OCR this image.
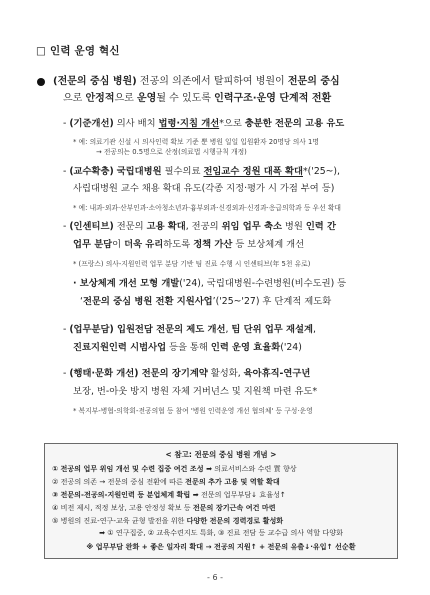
□ 인력 운영 혁신
(전문의 중심 병원) 전공의 의존에서 탈피하여 병원이 전문의 중심
으로 안정적으로 운영될 수 있도록 인력구조·운영 단계적 전환
- (기준개선) 의사 배치 법령·지침 개선*으로 충분한 전문의 고용 유도
* 예: 의료기관 신설 시 의사인력 확보 기준 뿐 병원 일일 입원환자 20명당 의사 1명
→ 전공의는 0.5명으로 산정(의료법 시행규칙 개정)
- (교수확충) 국립대병원 필수의료 전임교수 정원 대폭 확대*('25~),
사립대병원 교수 채용 확대 유도(각종 지정·평가 시 가점 부여 등)
* 예: 내과·외과·산부인과·소아청소년과·흉부외과·신경외과·신경과·응급의학과 등 우선 확대
- (인센티브) 전문의 고용 확대, 전공의 위임 업무 축소 병원 인력 간
업무 분담이 더욱 유리하도록 정책 가산 등 보상체계 개선
* (프랑스) 의사-지원인력 업무 분담 기반 팀 진료 수행 시 인센티브(年 5천 유로)
· 보상체계 개선 모형 개발('24), 국립대병원-수련병원(비수도권) 등
‘전문의 중심 병원 전환 지원사업’('25~'27) 후 단계적 제도화
- (업무분담) 입원전담 전문의 제도 개선, 팀 단위 업무 재설계,
진료지원인력 시범사업 등을 통해 인력 운영 효율화('24)
- (행태·문화 개선) 전문의 장기계약 활성화, 육아휴직-연구년
보장, 번-아웃 방지 병원 자체 거버넌스 및 지원책 마련 유도*
* 복지부-병협-의학회-전공의협 등 참여 '병원 인력운영 개선 협의체' 등 구성·운영
< 참고: 전문의 중심 병원 개념 >
① 전공의 업무 위임 개선 및 수련 집중 여건 조성 ➡ 의료서비스와 수련 質 향상
② 전공의 의존 → 전문의 중심 전환에 따른 전문의 추가 고용 및 역할 확대
③ 전문의-전공의-지원인력 등 분업체계 확립 ➡ 전문의 업무부담↓ 효율성↑
④ 비전 제시, 적정 보상, 고용 안정성 확보 등 전문의 장기근속 여건 마련
⑤ 병원의 진료-연구-교육 균형 발전을 위한 다양한 전문의 경력경로 활성화
➡ ① 연구집중, ② 교육수련지도 특화, ③ 진료 전담 등 교수급 의사 역할 다양화
※ 업무부담 완화 + 좋은 일자리 확대 → 전공의 지원↑ + 전문의 유출↓·유입↑ 선순환
- 6 -
